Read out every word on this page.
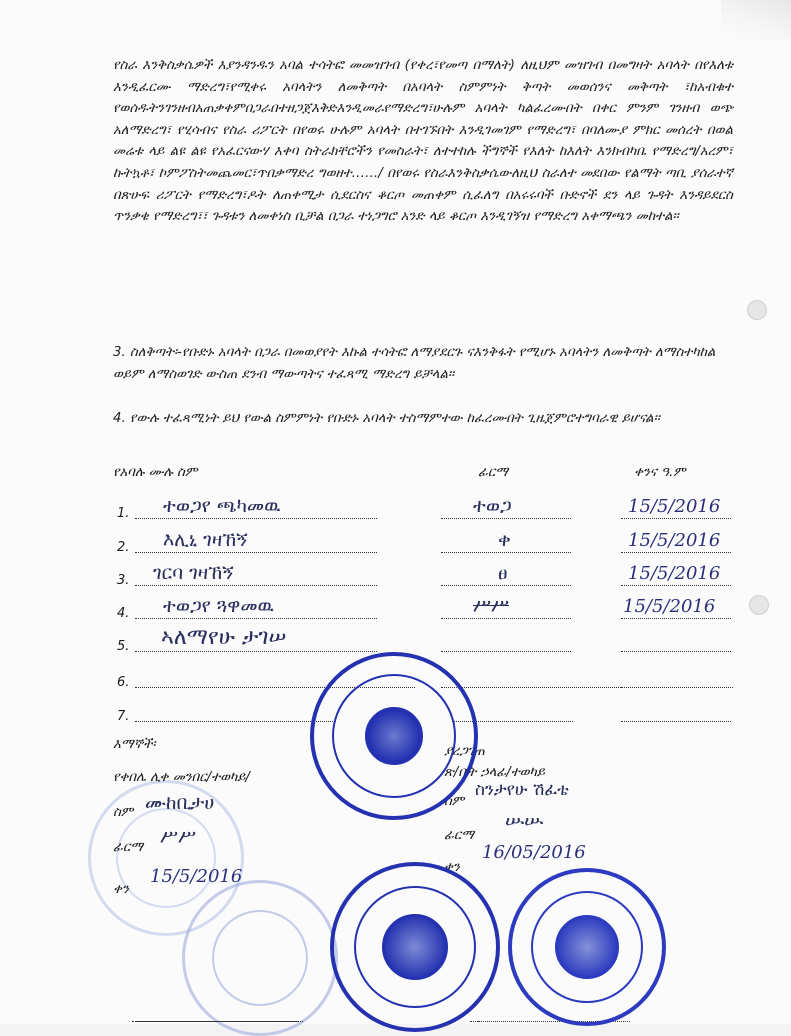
የስራ እንቅስቃሴዎች እያንዳንዱን አባል ተሳትፎ መመዝገብ (የቀረ፣የመጣ በማለት) ለዚህም መዝገብ በመግዛት አባላት በየእለቱ እንዲፈርሙ ማድረግ፣የሚቀሩ አባላትን ለመቅጣት በአባላት ስምምነት ቅጣት መወሰንና መቅጣት ፣ከአብቁተ የወሰዱትንገንዘብአጠቃቀምበጋራበተዘጋጀእቅድእንዲመራየማድረግ፣ሁሉም አባላት ካልፈረሙበት በቀር ምንም ገንዘብ ወጭ አለማድረግ፣ የሂሳብና የስራ ሪፖርት በየወሩ ሁሉም አባላት በተገኙበት እንዲገመገም የማድረግ፣ በባለሙያ ምክር መሰረት በወል መሬቱ ላይ ልዩ ልዩ የአፈርናውሃ እቀባ ስትራክቸሮችን የመስራት፣ ለተተከሉ ችግኞች የእለት ከእለት እንክብካቤ የማድረግ/አረም፣ ኩትኳቶ፣ ኮምፖስትመጨመር፣ጥበቃማድረ ግወዘተ……/ በየወሩ የስራእንቅስቃሴውለዚህ ስራለተ መደበው የልማት ጣቢ ያሰራተኛ በጽሁፍ ሪፖርት የማድረግ፣ዶት ለጠቀሚታ ሲደርስና ቆርጦ መጠቀም ሲፈለግ በአሩሩባች ቡድኖች ደን ላይ ጉዳት እንዳይደርስ ጥንቃቄ የማድረግ፣፣ ጉዳቱን ለመቀነስ ቢቻል በጋራ ተነጋግሮ አንድ ላይ ቆርጦ እንዲገኝዝ የማድረግ አቀማጫን መከተል፡፡
3. ስለቅጣት፡-የቡድኑ አባላት በጋራ በመወያየት እኩል ተሳትፎ ለማያደርጉ ናእንቅፋት የሚሆኑ አባላትን ለመቅጣት ለማስተካከል ወይም ለማስወገድ ውስጠ ደንብ ማውጣትና ተፈጻሚ ማድረግ ይቻላል፡፡
4. የውሉ ተፈጻሚነት ይህ የውል ስምምነት የቡድኑ አባላት ተስማምተው ከፈረሙበት ጊዜጀምሮተግባራዊ ይሆናል፡፡
የአባሉ ሙሉ ስም	ፊርማ	ቀንና ዓ.ም
1. ተወጋየ ጫካመዉ	ተወጋ	15/5/2016
2. እሊኒ ገዛኸኝ	ቀ	15/5/2016
3. ገርባ ገዛኸኝ	ፀ	15/5/2016
4. ተወጋየ ጓዋመዉ	ሥሥ	15/5/2016
5. ኣለማየሁ ታገሠ
6.
7.
እማኞች፡
የቀበሌ ሊቀ መንበር/ተወካይ/
ስም ሙከቢታሀ
ፊርማ ሥሥ
ቀን
15/5/2016
ያረጋገጠ
ጽ/ቤት ኃላፊ/ተወካይ
ስም
ስንታየሁ ሽፈቴ
ፊርማ
ሡሡ
ቀን
16/05/2016
